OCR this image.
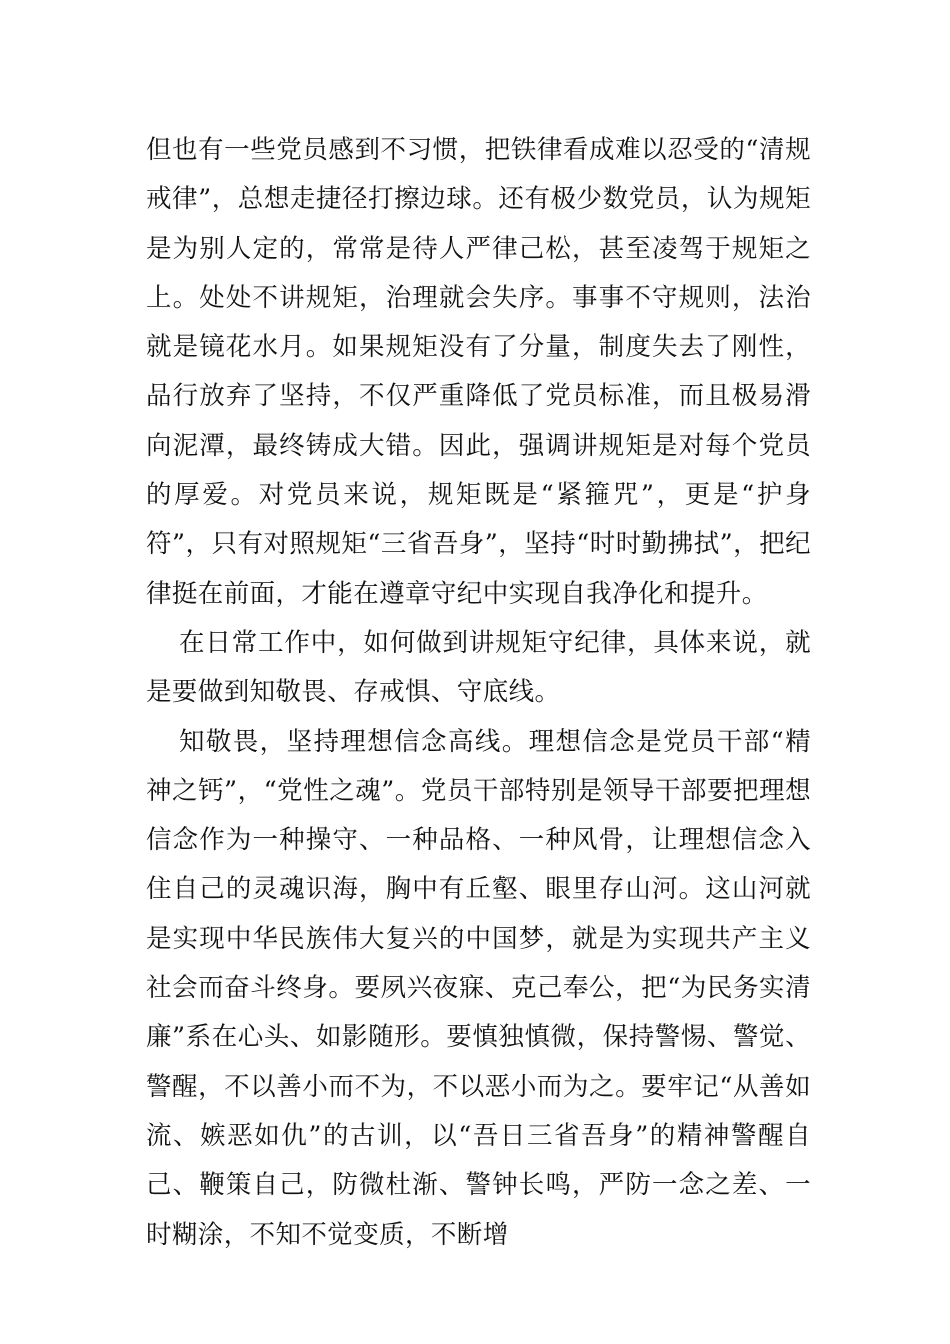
但也有一些党员感到不习惯，把铁律看成难以忍受的“清规戒律”，总想走捷径打擦边球。还有极少数党员，认为规矩是为别人定的，常常是待人严律己松，甚至凌驾于规矩之上。处处不讲规矩，治理就会失序。事事不守规则，法治就是镜花水月。如果规矩没有了分量，制度失去了刚性，品行放弃了坚持，不仅严重降低了党员标准，而且极易滑向泥潭，最终铸成大错。因此，强调讲规矩是对每个党员的厚爱。对党员来说，规矩既是“紧箍咒”，更是“护身符”，只有对照规矩“三省吾身”，坚持“时时勤拂拭”，把纪律挺在前面，才能在遵章守纪中实现自我净化和提升。

在日常工作中，如何做到讲规矩守纪律，具体来说，就是要做到知敬畏、存戒惧、守底线。

知敬畏，坚持理想信念高线。理想信念是党员干部“精神之钙”，“党性之魂”。党员干部特别是领导干部要把理想信念作为一种操守、一种品格、一种风骨，让理想信念入住自己的灵魂识海，胸中有丘壑、眼里存山河。这山河就是实现中华民族伟大复兴的中国梦，就是为实现共产主义社会而奋斗终身。要夙兴夜寐、克己奉公，把“为民务实清廉”系在心头、如影随形。要慎独慎微，保持警惕、警觉、警醒，不以善小而不为，不以恶小而为之。要牢记“从善如流、嫉恶如仇”的古训，以“吾日三省吾身”的精神警醒自己、鞭策自己，防微杜渐、警钟长鸣，严防一念之差、一时糊涂，不知不觉变质，不断增
